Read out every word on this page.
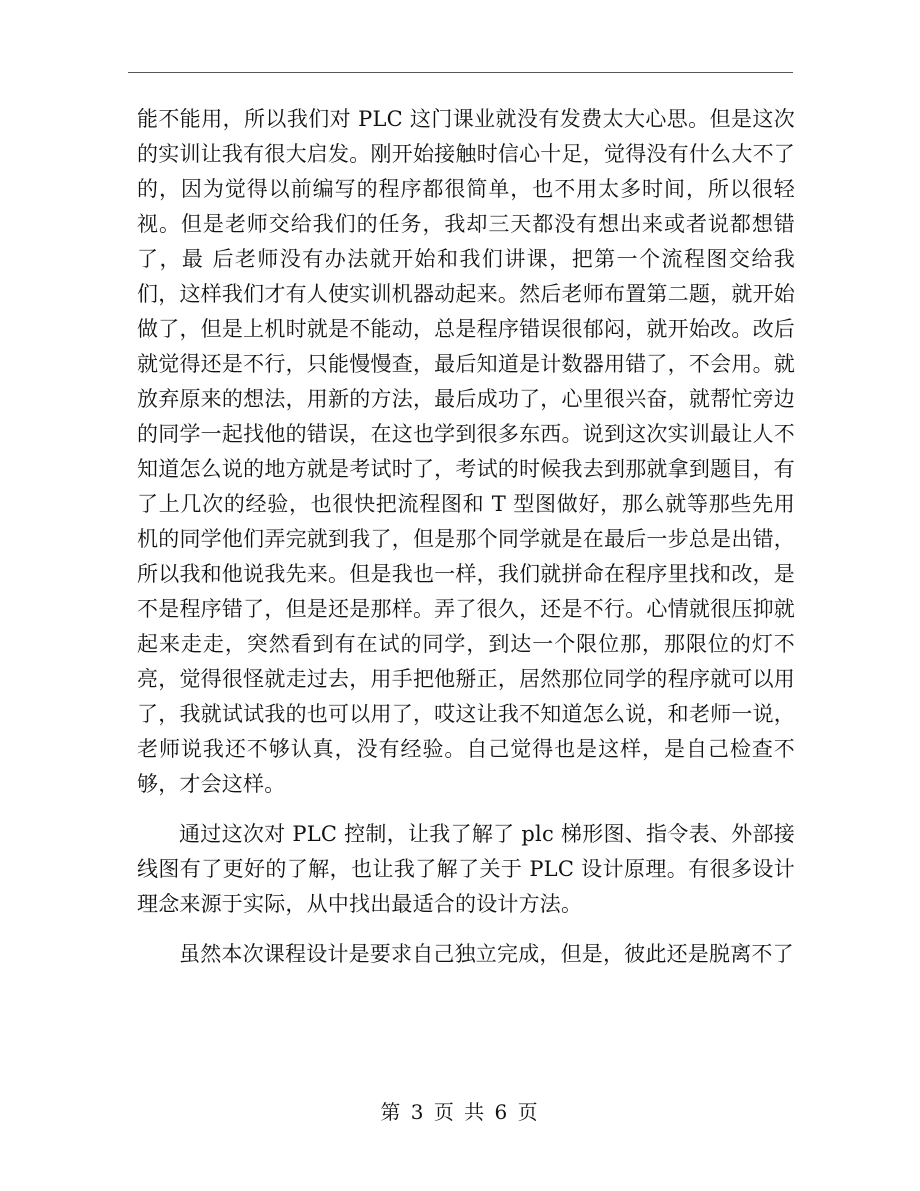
能不能用，所以我们对 PLC 这门课业就没有发费太大心思。但是这次的实训让我有很大启发。刚开始接触时信心十足，觉得没有什么大不了的，因为觉得以前编写的程序都很简单，也不用太多时间，所以很轻视。但是老师交给我们的任务，我却三天都没有想出来或者说都想错了，最 后老师没有办法就开始和我们讲课，把第一个流程图交给我们，这样我们才有人使实训机器动起来。然后老师布置第二题，就开始做了，但是上机时就是不能动，总是程序错误很郁闷，就开始改。改后就觉得还是不行，只能慢慢查，最后知道是计数器用错了，不会用。就放弃原来的想法，用新的方法，最后成功了，心里很兴奋，就帮忙旁边的同学一起找他的错误，在这也学到很多东西。说到这次实训最让人不知道怎么说的地方就是考试时了，考试的时候我去到那就拿到题目，有了上几次的经验，也很快把流程图和 T 型图做好，那么就等那些先用机的同学他们弄完就到我了，但是那个同学就是在最后一步总是出错，所以我和他说我先来。但是我也一样，我们就拼命在程序里找和改，是不是程序错了，但是还是那样。弄了很久，还是不行。心情就很压抑就起来走走，突然看到有在试的同学，到达一个限位那，那限位的灯不亮，觉得很怪就走过去，用手把他掰正，居然那位同学的程序就可以用了，我就试试我的也可以用了，哎这让我不知道怎么说，和老师一说，老师说我还不够认真，没有经验。自己觉得也是这样，是自己检查不够，才会这样。

通过这次对 PLC 控制，让我了解了 plc 梯形图、指令表、外部接线图有了更好的了解，也让我了解了关于 PLC 设计原理。有很多设计理念来源于实际，从中找出最适合的设计方法。

虽然本次课程设计是要求自己独立完成，但是，彼此还是脱离不了

第 3 页 共 6 页
